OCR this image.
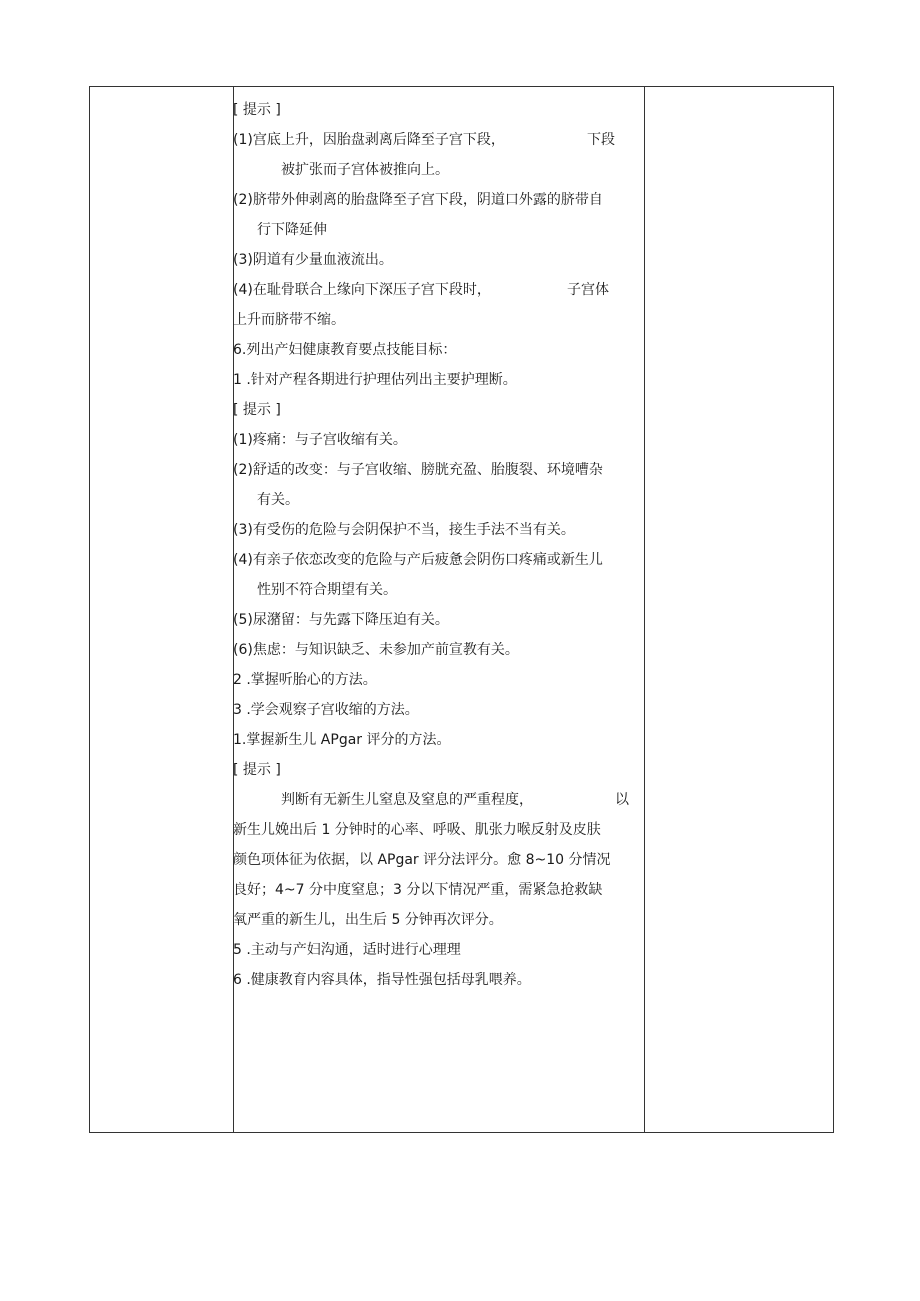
[ 提示 ]
(1)宫底上升，因胎盘剥离后降至子宫下段，	下段
被扩张而子宫体被推向上。
(2)脐带外伸剥离的胎盘降至子宫下段，阴道口外露的脐带自
行下降延伸
(3)阴道有少量血液流出。
(4)在耻骨联合上缘向下深压子宫下段时，	子宫体
上升而脐带不缩。
6.列出产妇健康教育要点技能目标：
1 .针对产程各期进行护理估列出主要护理断。
[ 提示 ]
(1)疼痛：与子宫收缩有关。
(2)舒适的改变：与子宫收缩、膀胱充盈、胎腹裂、环境嘈杂
有关。
(3)有受伤的危险与会阴保护不当，接生手法不当有关。
(4)有亲子依恋改变的危险与产后疲惫会阴伤口疼痛或新生儿
性别不符合期望有关。
(5)尿潴留：与先露下降压迫有关。
(6)焦虑：与知识缺乏、未参加产前宣教有关。
2 .掌握听胎心的方法。
3 .学会观察子宫收缩的方法。
1.掌握新生儿 APgar 评分的方法。
[ 提示 ]
判断有无新生儿窒息及窒息的严重程度，	以
新生儿娩出后 1 分钟时的心率、呼吸、肌张力喉反射及皮肤
颜色项体征为依据，以 APgar 评分法评分。愈 8~10 分情况
良好；4~7 分中度窒息；3 分以下情况严重，需紧急抢救缺
氧严重的新生儿，出生后 5 分钟再次评分。
5 .主动与产妇沟通，适时进行心理理
6 .健康教育内容具体，指导性强包括母乳喂养。
